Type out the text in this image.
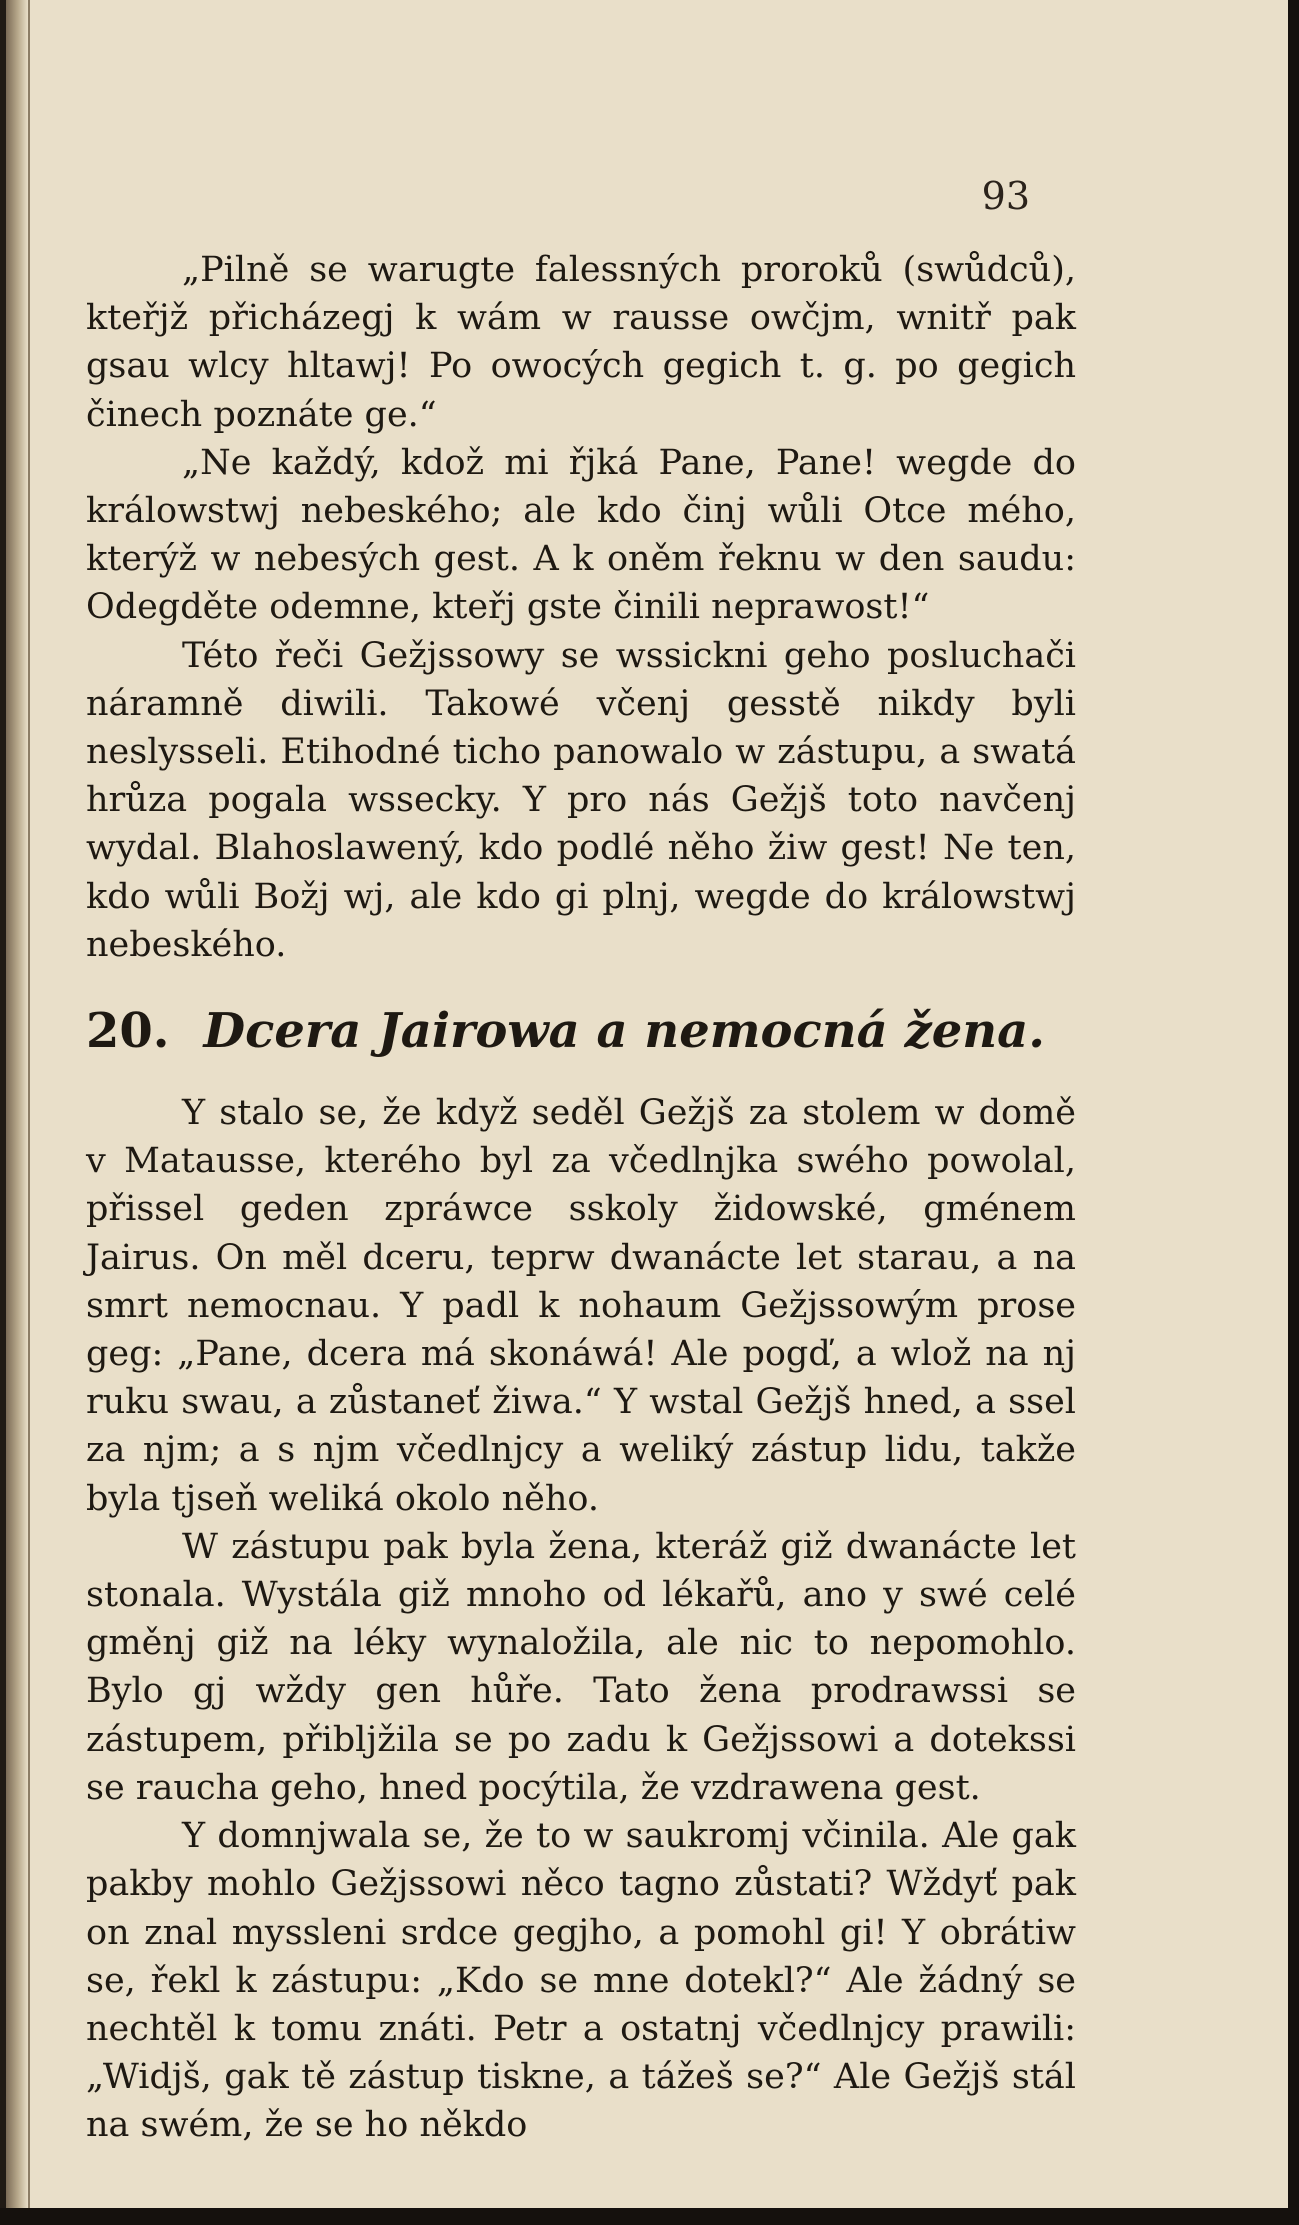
93

„Pilně se warugte falessných proroků (swůdců), kteřjž přicházegj k wám w rausse owčjm, wnitř pak gsau wlcy hltawj! Po owocých gegich t. g. po gegich činech poznáte ge.“

„Ne každý, kdož mi řjká Pane, Pane! wegde do králowstwj nebeského; ale kdo činj wůli Otce mého, kterýž w nebesých gest. A k oněm řeknu w den saudu: Odegděte odemne, kteřj gste činili neprawost!“

Této řeči Gežjssowy se wssickni geho posluchači náramně diwili. Takowé včenj gesstě nikdy byli neslysseli. Etihodné ticho panowalo w zástupu, a swatá hrůza pogala wssecky. Y pro nás Gežjš toto navčenj wydal. Blahoslawený, kdo podlé něho žiw gest! Ne ten, kdo wůli Božj wj, ale kdo gi plnj, wegde do králowstwj nebeského.

20. Dcera Jairowa a nemocná žena.

Y stalo se, že když seděl Gežjš za stolem w domě v Matausse, kterého byl za včedlnjka swého powolal, přissel geden zpráwce sskoly židowské, gménem Jairus. On měl dceru, teprw dwanácte let starau, a na smrt nemocnau. Y padl k nohaum Gežjssowým prose geg: „Pane, dcera má skonáwá! Ale pogď, a wlož na nj ruku swau, a zůstaneť žiwa.“ Y wstal Gežjš hned, a ssel za njm; a s njm včedlnjcy a weliký zástup lidu, takže byla tjseň weliká okolo něho.

W zástupu pak byla žena, kteráž giž dwanácte let stonala. Wystála giž mnoho od lékařů, ano y swé celé gměnj giž na léky wynaložila, ale nic to nepomohlo. Bylo gj wždy gen hůře. Tato žena prodrawssi se zástupem, přibljžila se po zadu k Gežjssowi a dotekssi se raucha geho, hned pocýtila, že vzdrawena gest.

Y domnjwala se, že to w saukromj včinila. Ale gak pakby mohlo Gežjssowi něco tagno zůstati? Wždyť pak on znal myssleni srdce gegjho, a pomohl gi! Y obrátiw se, řekl k zástupu: „Kdo se mne dotekl?“ Ale žádný se nechtěl k tomu znáti. Petr a ostatnj včedlnjcy prawili: „Widjš, gak tě zástup tiskne, a tážeš se?“ Ale Gežjš stál na swém, že se ho někdo
